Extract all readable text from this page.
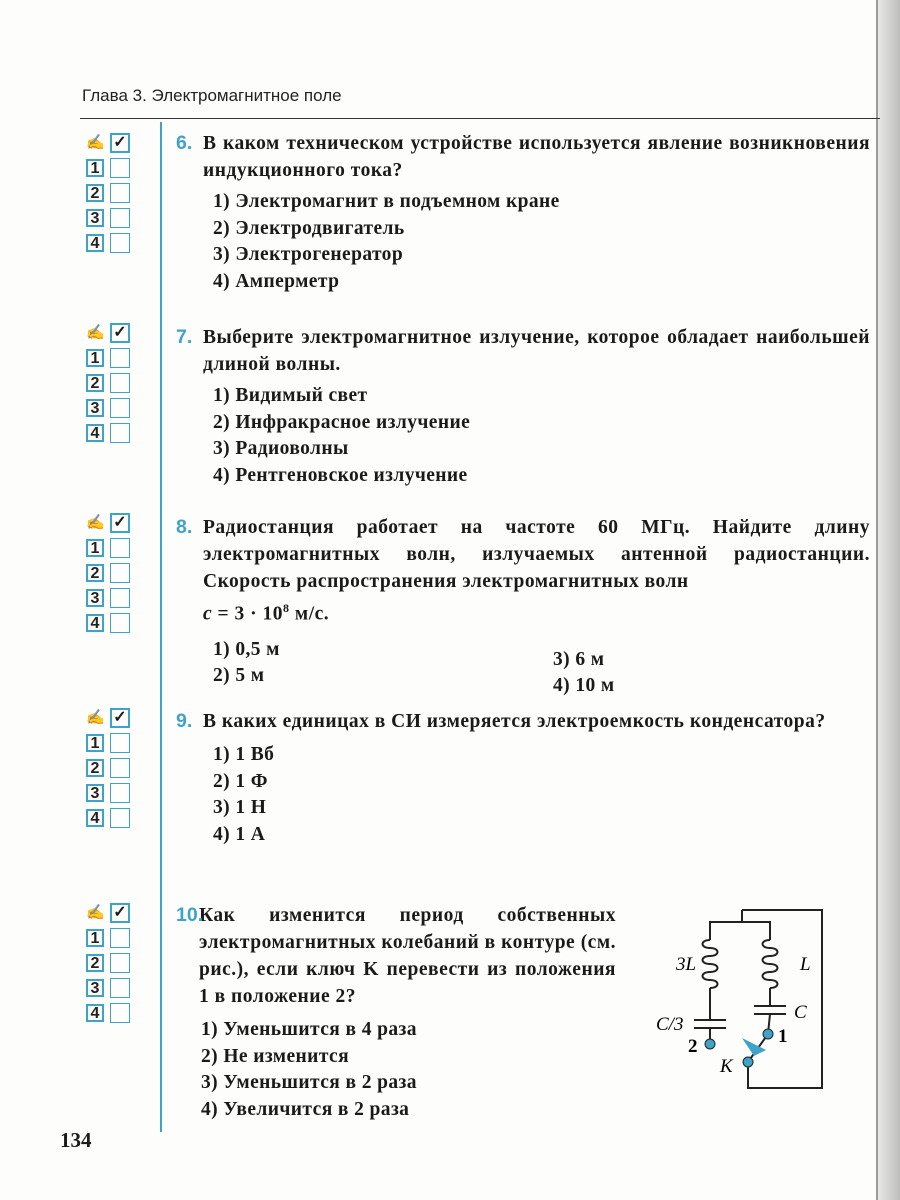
Глава 3. Электромагнитное поле
✍ ✓
1
2
3
4
✍ ✓
1
2
3
4
✍ ✓
1
2
3
4
✍ ✓
1
2
3
4
✍ ✓
1
2
3
4
6. В каком техническом устройстве используется явление возникновения индукционного тока?
1) Электромагнит в подъемном кране
2) Электродвигатель
3) Электрогенератор
4) Амперметр
7. Выберите электромагнитное излучение, которое обладает наибольшей длиной волны.
1) Видимый свет
2) Инфракрасное излучение
3) Радиоволны
4) Рентгеновское излучение
8. Радиостанция работает на частоте 60 МГц. Найдите длину электромагнитных волн, излучаемых антенной радиостанции. Скорость распространения электромагнитных волн
$c = 3 \cdot 10^8$ м/с.
1) 0,5 м
2) 5 м
3) 6 м
4) 10 м
9. В каких единицах в СИ измеряется электроемкость конденсатора?
1) 1 Вб
2) 1 Ф
3) 1 Н
4) 1 А
10.
Как изменится период собственных электромагнитных колебаний в контуре (см. рис.), если ключ K перевести из положения 1 в положение 2?
1) Уменьшится в 4 раза
2) Не изменится
3) Уменьшится в 2 раза
4) Увеличится в 2 раза
3L	L
C/3
C
1
2
K
134
